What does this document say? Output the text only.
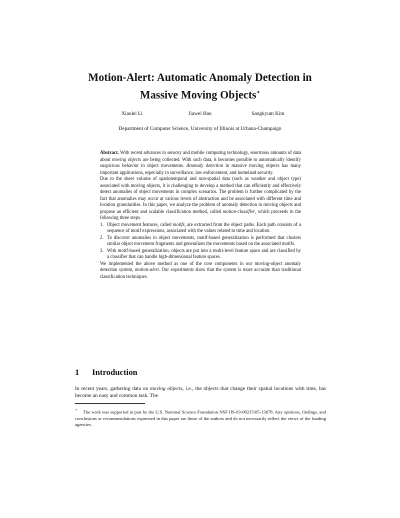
Motion-Alert: Automatic Anomaly Detection in
Massive Moving Objects⋆
Xiaolei Li	Jiawei Han	Sangkyum Kim
Department of Computer Science, University of Illinois at Urbana-Champaign

Abstract. With recent advances in sensory and mobile computing technology, enormous amounts of data about moving objects are being collected. With such data, it becomes possible to automatically identify suspicious behavior in object movements. Anomaly detection in massive moving objects has many important applications, especially in surveillance, law enforcement, and homeland security.

Due to the sheer volume of spatiotemporal and non-spatial data (such as weather and object type) associated with moving objects, it is challenging to develop a method that can efficiently and effectively detect anomalies of object movements in complex scenarios. The problem is further complicated by the fact that anomalies may occur at various levels of abstraction and be associated with different time and location granularities. In this paper, we analyze the problem of anomaly detection in moving objects and propose an efficient and scalable classification method, called motion-classifier, which proceeds in the following three steps.

1. Object movement features, called motifs, are extracted from the object paths. Each path consists of a sequence of motif expressions, associated with the values related to time and location.
2. To discover anomalies in object movements, motif-based generalization is performed that clusters similar object movement fragments and generalizes the movements based on the associated motifs.
3. With motif-based generalization, objects are put into a multi-level feature space and are classified by a classifier that can handle high-dimensional feature spaces.

We implemented the above method as one of the core components in our moving-object anomaly detection system, motion-alert. Our experiments show that the system is more accurate than traditional classification techniques.

1 Introduction

In recent years, gathering data on moving objects, i.e., the objects that change their spatial locations with time, has become an easy and common task. The

⋆ The work was supported in part by the U.S. National Science Foundation NSF IIS-03-08215/05-13678. Any opinions, findings, and conclusions or recommendations expressed in this paper are those of the authors and do not necessarily reflect the views of the funding agencies.
